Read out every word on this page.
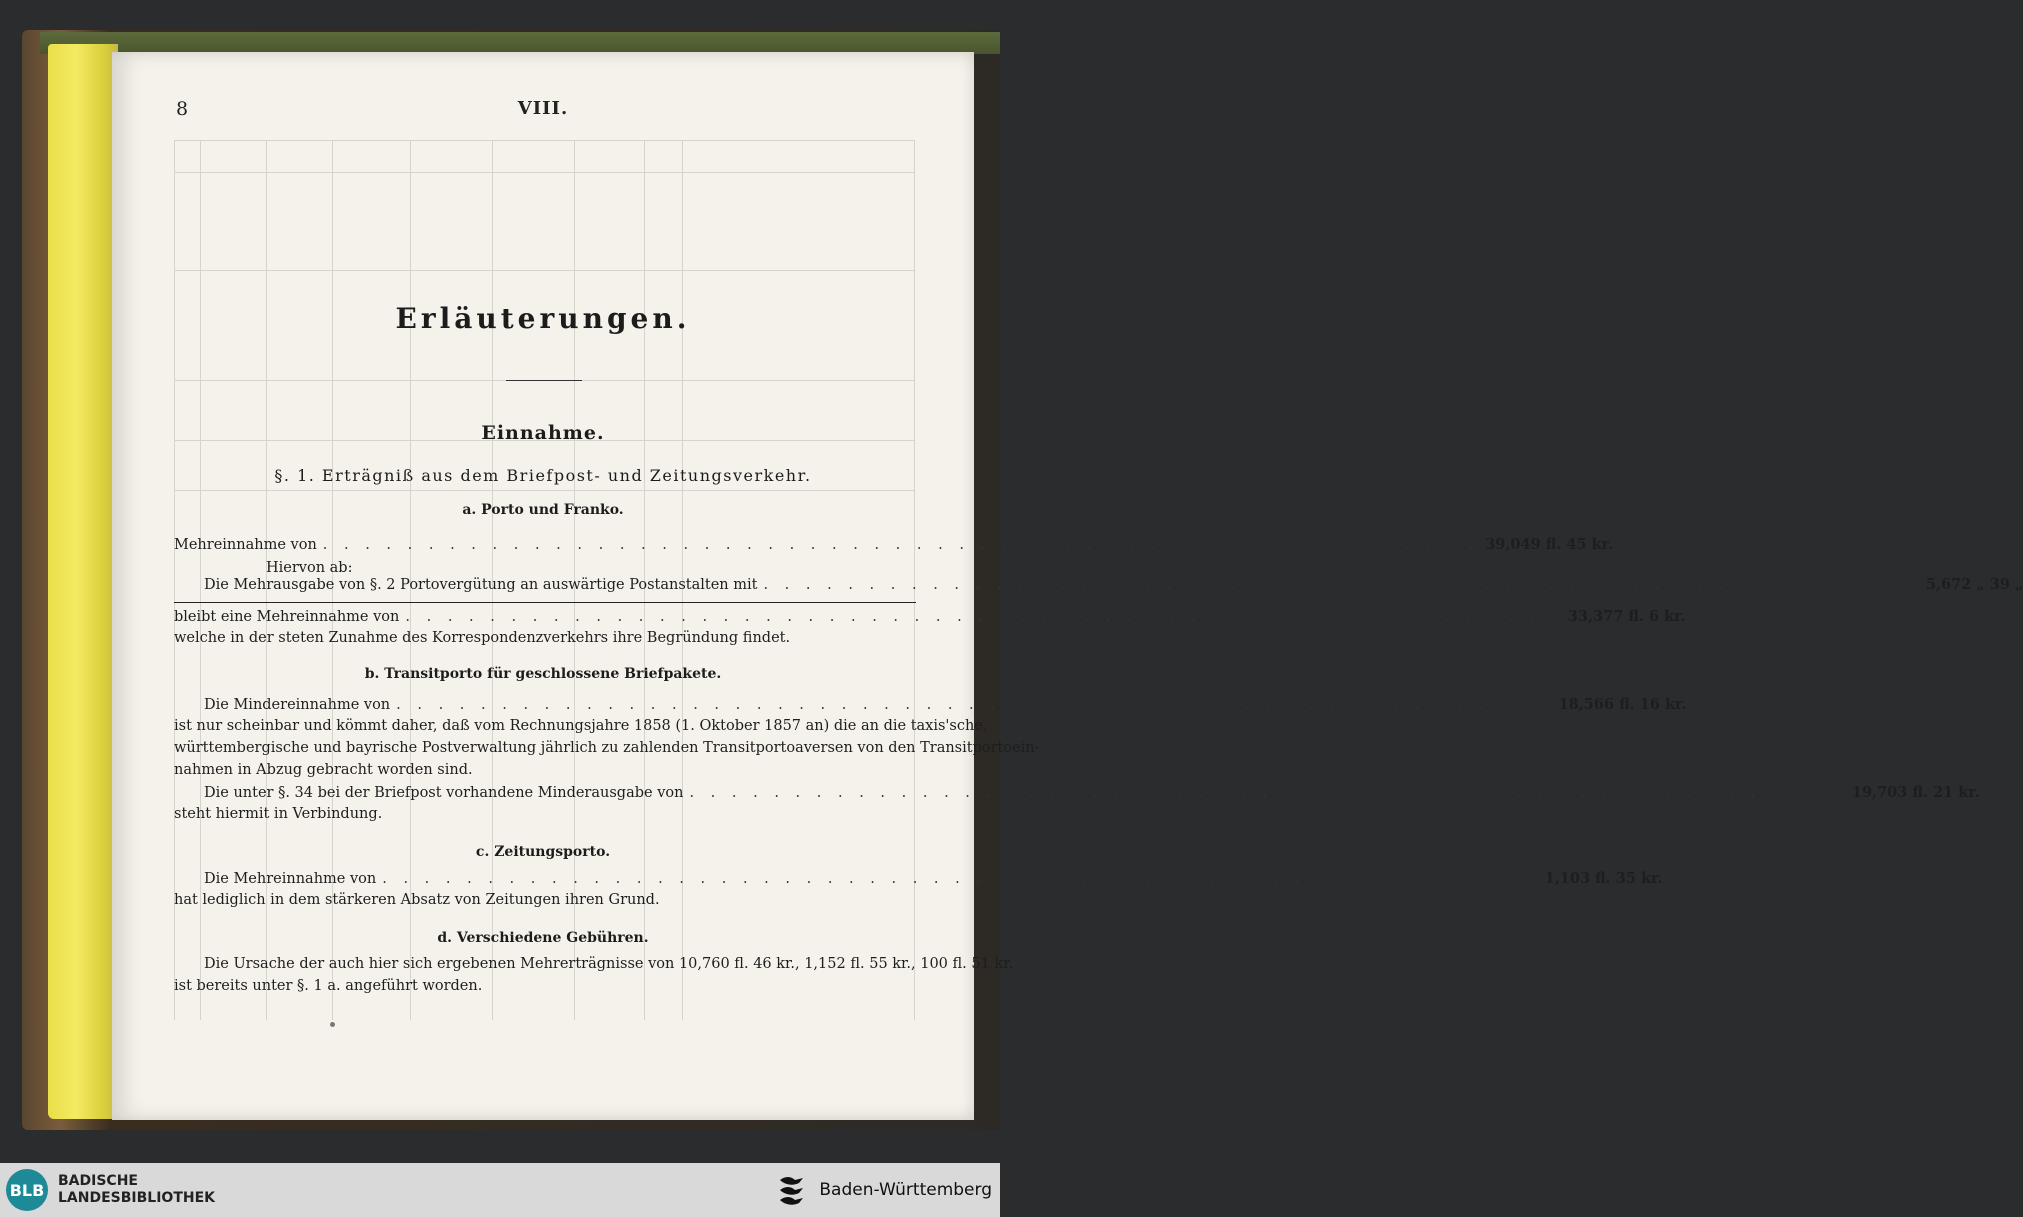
8	VIII.
Erläuterungen.
Einnahme.
§. 1. Erträgniß aus dem Briefpost- und Zeitungsverkehr.
a. Porto und Franko.
Mehreinnahme von . . . . . . . . . . . . . . . . . . . . . . . . . . . . . . . . . . . . . . . . . . . . . . . . . . . . . . . 39,049 fl. 45 kr.
Hiervon ab:
Die Mehrausgabe von §. 2 Portovergütung an auswärtige Postanstalten mit . . . . . . . . . . . . . . . . . . . . . . . . . . . . . . . . . . . . . . . . . . . . . . . . . . . . . . . 5,672 „ 39 „
bleibt eine Mehreinnahme von . . . . . . . . . . . . . . . . . . . . . . . . . . . . . . . . . . . . . . . . . . . . . . . . . . . . . . . 33,377 fl. 6 kr.
welche in der steten Zunahme des Korrespondenzverkehrs ihre Begründung findet.
b. Transitporto für geschlossene Briefpakete.
Die Mindereinnahme von . . . . . . . . . . . . . . . . . . . . . . . . . . . . . . . . . . . . . . . . . . . . . . . . . . . . . . . 18,566 fl. 16 kr.
ist nur scheinbar und kömmt daher, daß vom Rechnungsjahre 1858 (1. Oktober 1857 an) die an die taxis'sche,
württembergische und bayrische Postverwaltung jährlich zu zahlenden Transitportoaversen von den Transitportoein-
nahmen in Abzug gebracht worden sind.
Die unter §. 34 bei der Briefpost vorhandene Minderausgabe von . . . . . . . . . . . . . . . . . . . . . . . . . . . . . . . . . . . . . . . . . . . . . . . . . . . . . . . 19,703 fl. 21 kr.
steht hiermit in Verbindung.
c. Zeitungsporto.
Die Mehreinnahme von . . . . . . . . . . . . . . . . . . . . . . . . . . . . . . . . . . . . . . . . . . . . . . . . . . . . . . . 1,103 fl. 35 kr.
hat lediglich in dem stärkeren Absatz von Zeitungen ihren Grund.
d. Verschiedene Gebühren.
Die Ursache der auch hier sich ergebenen Mehrerträgnisse von 10,760 fl. 46 kr., 1,152 fl. 55 kr., 100 fl. 51 kr.
ist bereits unter §. 1 a. angeführt worden.
BLB BADISCHE
LANDESBIBLIOTHEK	Baden-Württemberg
